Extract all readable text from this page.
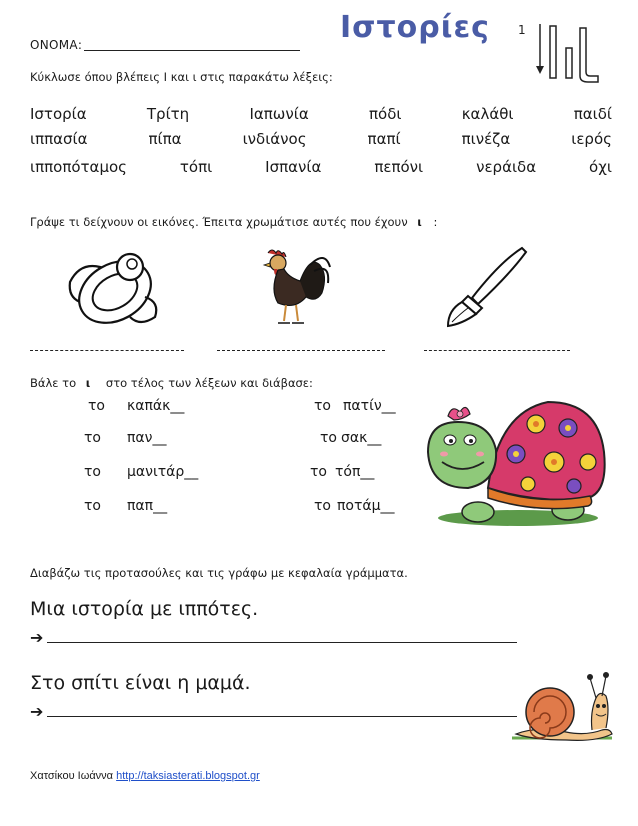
ΟΝΟΜΑ:	Ιστορίες 1
Κύκλωσε όπου βλέπεις Ι και ι στις παρακάτω λέξεις:
Ιστορία	Τρίτη	Ιαπωνία	πόδι	καλάθι	παιδί
ιππασία	πίπα	ινδιάνος	παπί	πινέζα	ιερός
ιπποπόταμος	τόπι	Ισπανία	πεπόνι	νεράιδα	όχι
Γράψε τι δείχνουν οι εικόνες. Έπειτα χρωμάτισε αυτές που έχουν ι :
Βάλε το ι στο τέλος των λέξεων και διάβασε:
το καπάκ__
το παν__
το μανιτάρ__
το παπ__
το πατίν__
το σακ__
το τόπ__
το ποτάμ__
Διαβάζω τις προτασούλες και τις γράφω με κεφαλαία γράμματα.
Μια ιστορία με ιππότες.
➔
Στο σπίτι είναι η μαμά.
➔
Χατσίκου Ιωάννα http://taksiasterati.blogspot.gr
